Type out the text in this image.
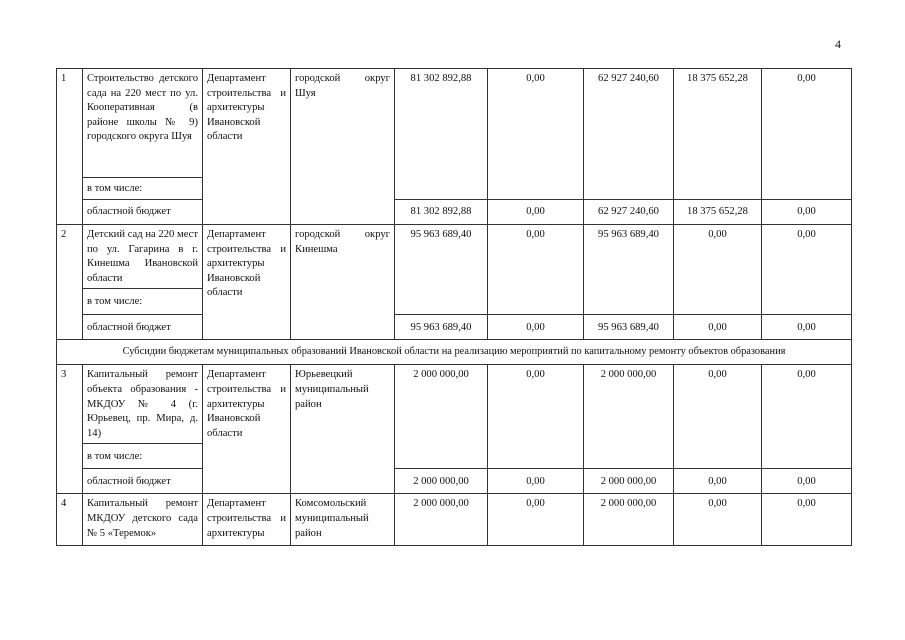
4
1	Строительство детского сада на 220 мест по ул. Кооперативная (в районе школы № 9) городского округа Шуя	Департамент строительства и архитектуры Ивановской области	городской округ Шуя	81 302 892,88	0,00	62 927 240,60	18 375 652,28	0,00
	в том числе:							
	областной бюджет			81 302 892,88	0,00	62 927 240,60	18 375 652,28	0,00
2	Детский сад на 220 мест по ул. Гагарина в г. Кинешма Ивановской области	Департамент строительства и архитектуры Ивановской области	городской округ Кинешма	95 963 689,40	0,00	95 963 689,40	0,00	0,00
	в том числе:							
	областной бюджет			95 963 689,40	0,00	95 963 689,40	0,00	0,00
Субсидии бюджетам муниципальных образований Ивановской области на реализацию мероприятий по капитальному ремонту объектов образования								
3	Капитальный ремонт объекта образования - МКДОУ № 4 (г. Юрьевец, пр. Мира, д. 14)	Департамент строительства и архитектуры Ивановской области	Юрьевецкий муниципальный район	2 000 000,00	0,00	2 000 000,00	0,00	0,00
	в том числе:							
	областной бюджет			2 000 000,00	0,00	2 000 000,00	0,00	0,00
4	Капитальный ремонт МКДОУ детского сада № 5 «Теремок»	Департамент строительства и архитектуры	Комсомольский муниципальный район	2 000 000,00	0,00	2 000 000,00	0,00	0,00
